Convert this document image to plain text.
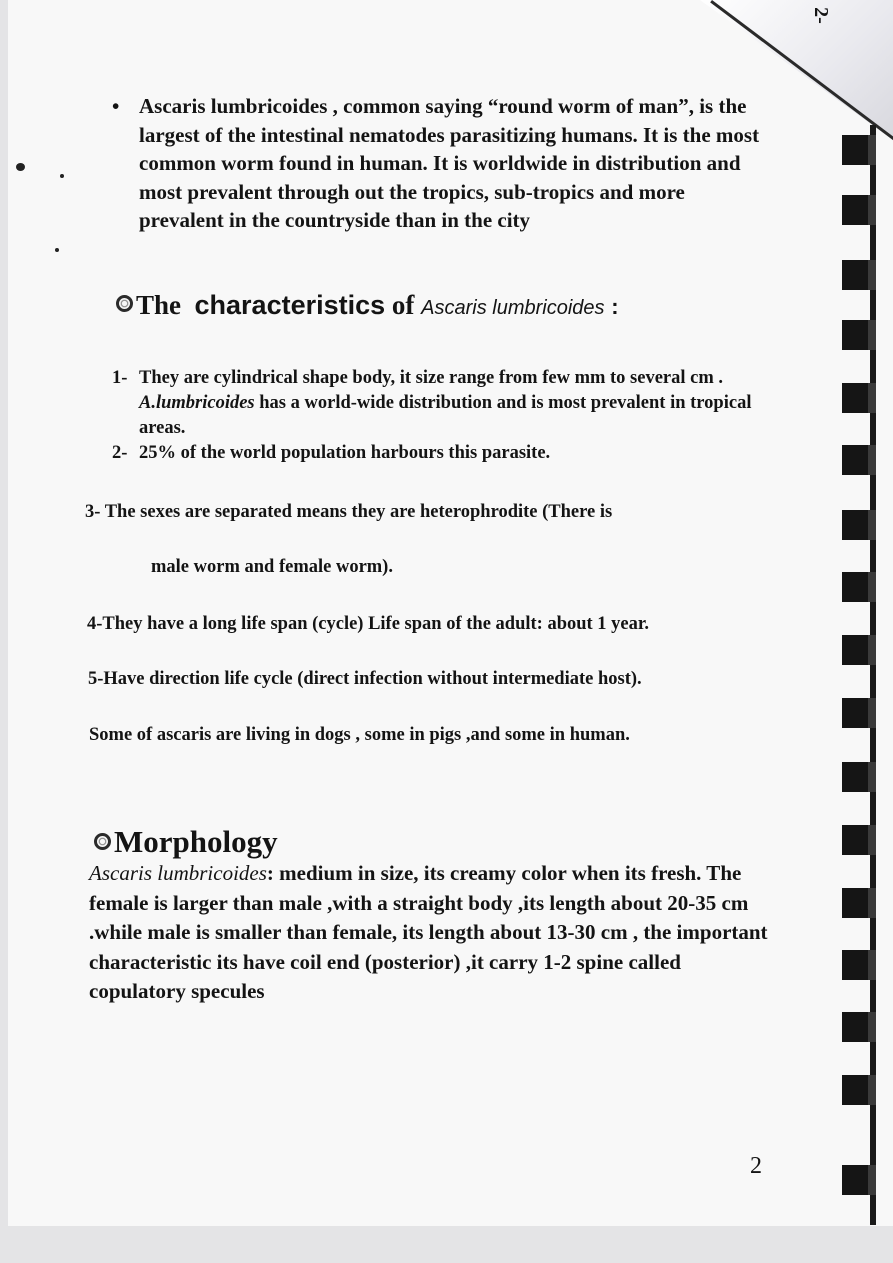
2-
• Ascaris lumbricoides , common saying “round worm of man”, is the largest of the intestinal nematodes parasitizing humans. It is the most common worm found in human. It is worldwide in distribution and most prevalent through out the tropics, sub-tropics and more prevalent in the countryside than in the city
The characteristics of Ascaris lumbricoides :
1- They are cylindrical shape body, it size range from few mm to several cm . A.lumbricoides has a world-wide distribution and is most prevalent in tropical areas.
2- 25% of the world population harbours this parasite.
3- The sexes are separated means they are heterophrodite (There is
male worm and female worm).
4-They have a long life span (cycle) Life span of the adult: about 1 year.
5-Have direction life cycle (direct infection without intermediate host).
Some of ascaris are living in dogs , some in pigs ,and some in human.
Morphology
Ascaris lumbricoides: medium in size, its creamy color when its fresh. The female is larger than male ,with a straight body ,its length about 20-35 cm .while male is smaller than female, its length about 13-30 cm , the important characteristic its have coil end (posterior) ,it carry 1-2 spine called copulatory specules
2
